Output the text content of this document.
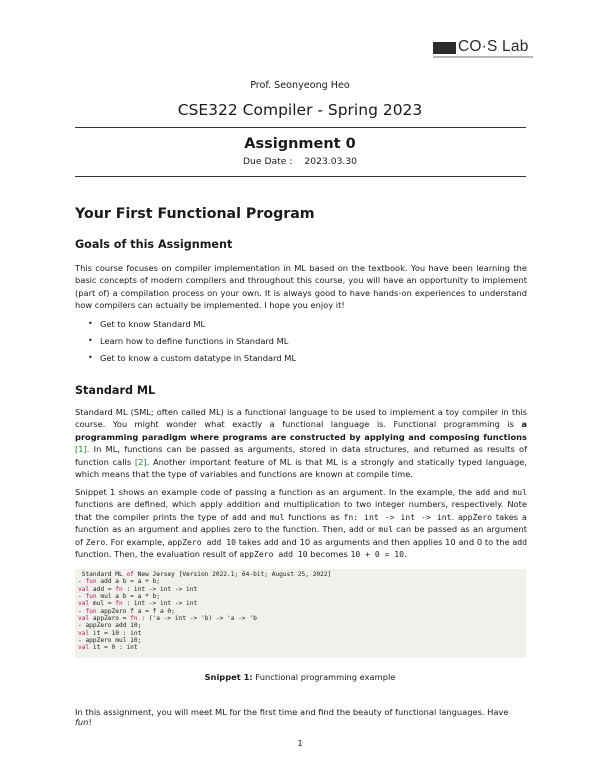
CO·S Lab
Prof. Seonyeong Heo
CSE322 Compiler - Spring 2023
Assignment 0
Due Date : 2023.03.30
Your First Functional Program
Goals of this Assignment

This course focuses on compiler implementation in ML based on the textbook. You have been learning the basic concepts of modern compilers and throughout this course, you will have an opportunity to implement (part of) a compilation process on your own. It is always good to have hands-on experiences to understand how compilers can actually be implemented. I hope you enjoy it!

• Get to know Standard ML
• Learn how to define functions in Standard ML
• Get to know a custom datatype in Standard ML
Standard ML

Standard ML (SML; often called ML) is a functional language to be used to implement a toy compiler in this course. You might wonder what exactly a functional language is. Functional programming is a programming paradigm where programs are constructed by applying and composing functions [1]. In ML, functions can be passed as arguments, stored in data structures, and returned as results of function calls [2]. Another important feature of ML is that ML is a strongly and statically typed language, which means that the type of variables and functions are known at compile time.

Snippet 1 shows an example code of passing a function as an argument. In the example, the add and mul functions are defined, which apply addition and multiplication to two integer numbers, respectively. Note that the compiler prints the type of add and mul functions as fn: int -> int -> int. appZero takes a function as an argument and applies zero to the function. Then, add or mul can be passed as an argument of Zero. For example, appZero add 10 takes add and 10 as arguments and then applies 10 and 0 to the add function. Then, the evaluation result of appZero add 10 becomes 10 + 0 = 10.

Standard ML of New Jersey [Version 2022.1; 64-bit; August 25, 2022]
- fun add a b = a + b;
val add = fn : int -> int -> int
- fun mul a b = a * b;
val mul = fn : int -> int -> int
- fun appZero f a = f a 0;
val appZero = fn : ('a -> int -> 'b) -> 'a -> 'b
- appZero add 10;
val it = 10 : int
- appZero mul 10;
val it = 0 : int
Snippet 1: Functional programming example
In this assignment, you will meet ML for the first time and find the beauty of functional languages. Have fun!
1
